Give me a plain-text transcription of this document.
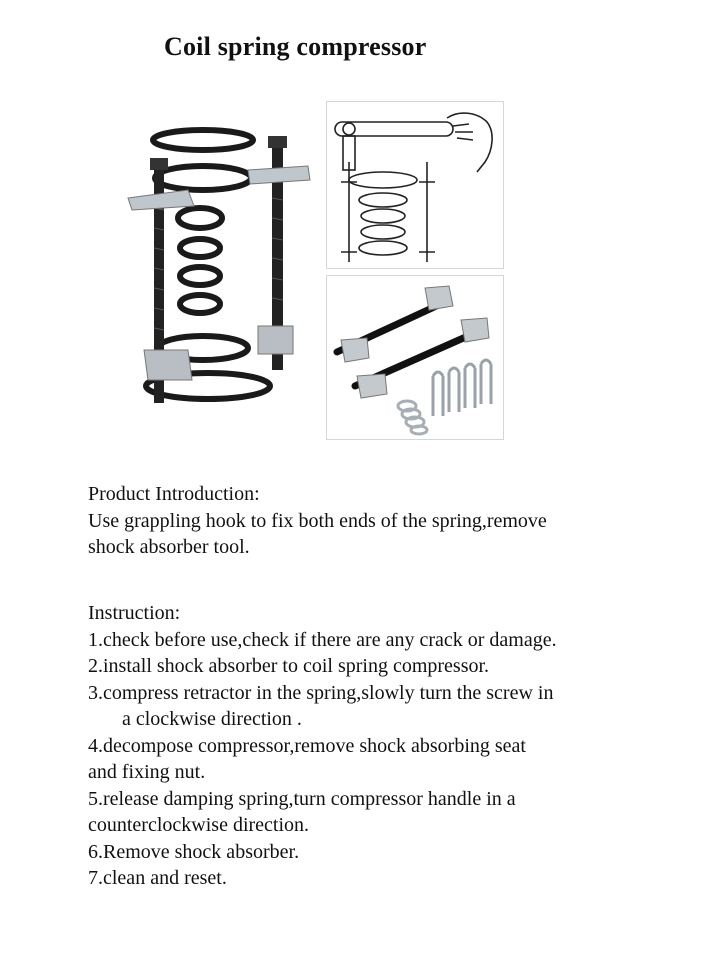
Coil spring compressor
Product Introduction:
Use grappling hook to fix both ends of the spring,remove
shock absorber tool.
Instruction:
1.check before use,check if there are any crack or damage.
2.install shock absorber to coil spring compressor.
3.compress retractor in the spring,slowly turn the screw in
a clockwise direction .
4.decompose compressor,remove shock absorbing seat
and fixing nut.
5.release damping spring,turn compressor handle in a
counterclockwise direction.
6.Remove shock absorber.
7.clean and reset.
